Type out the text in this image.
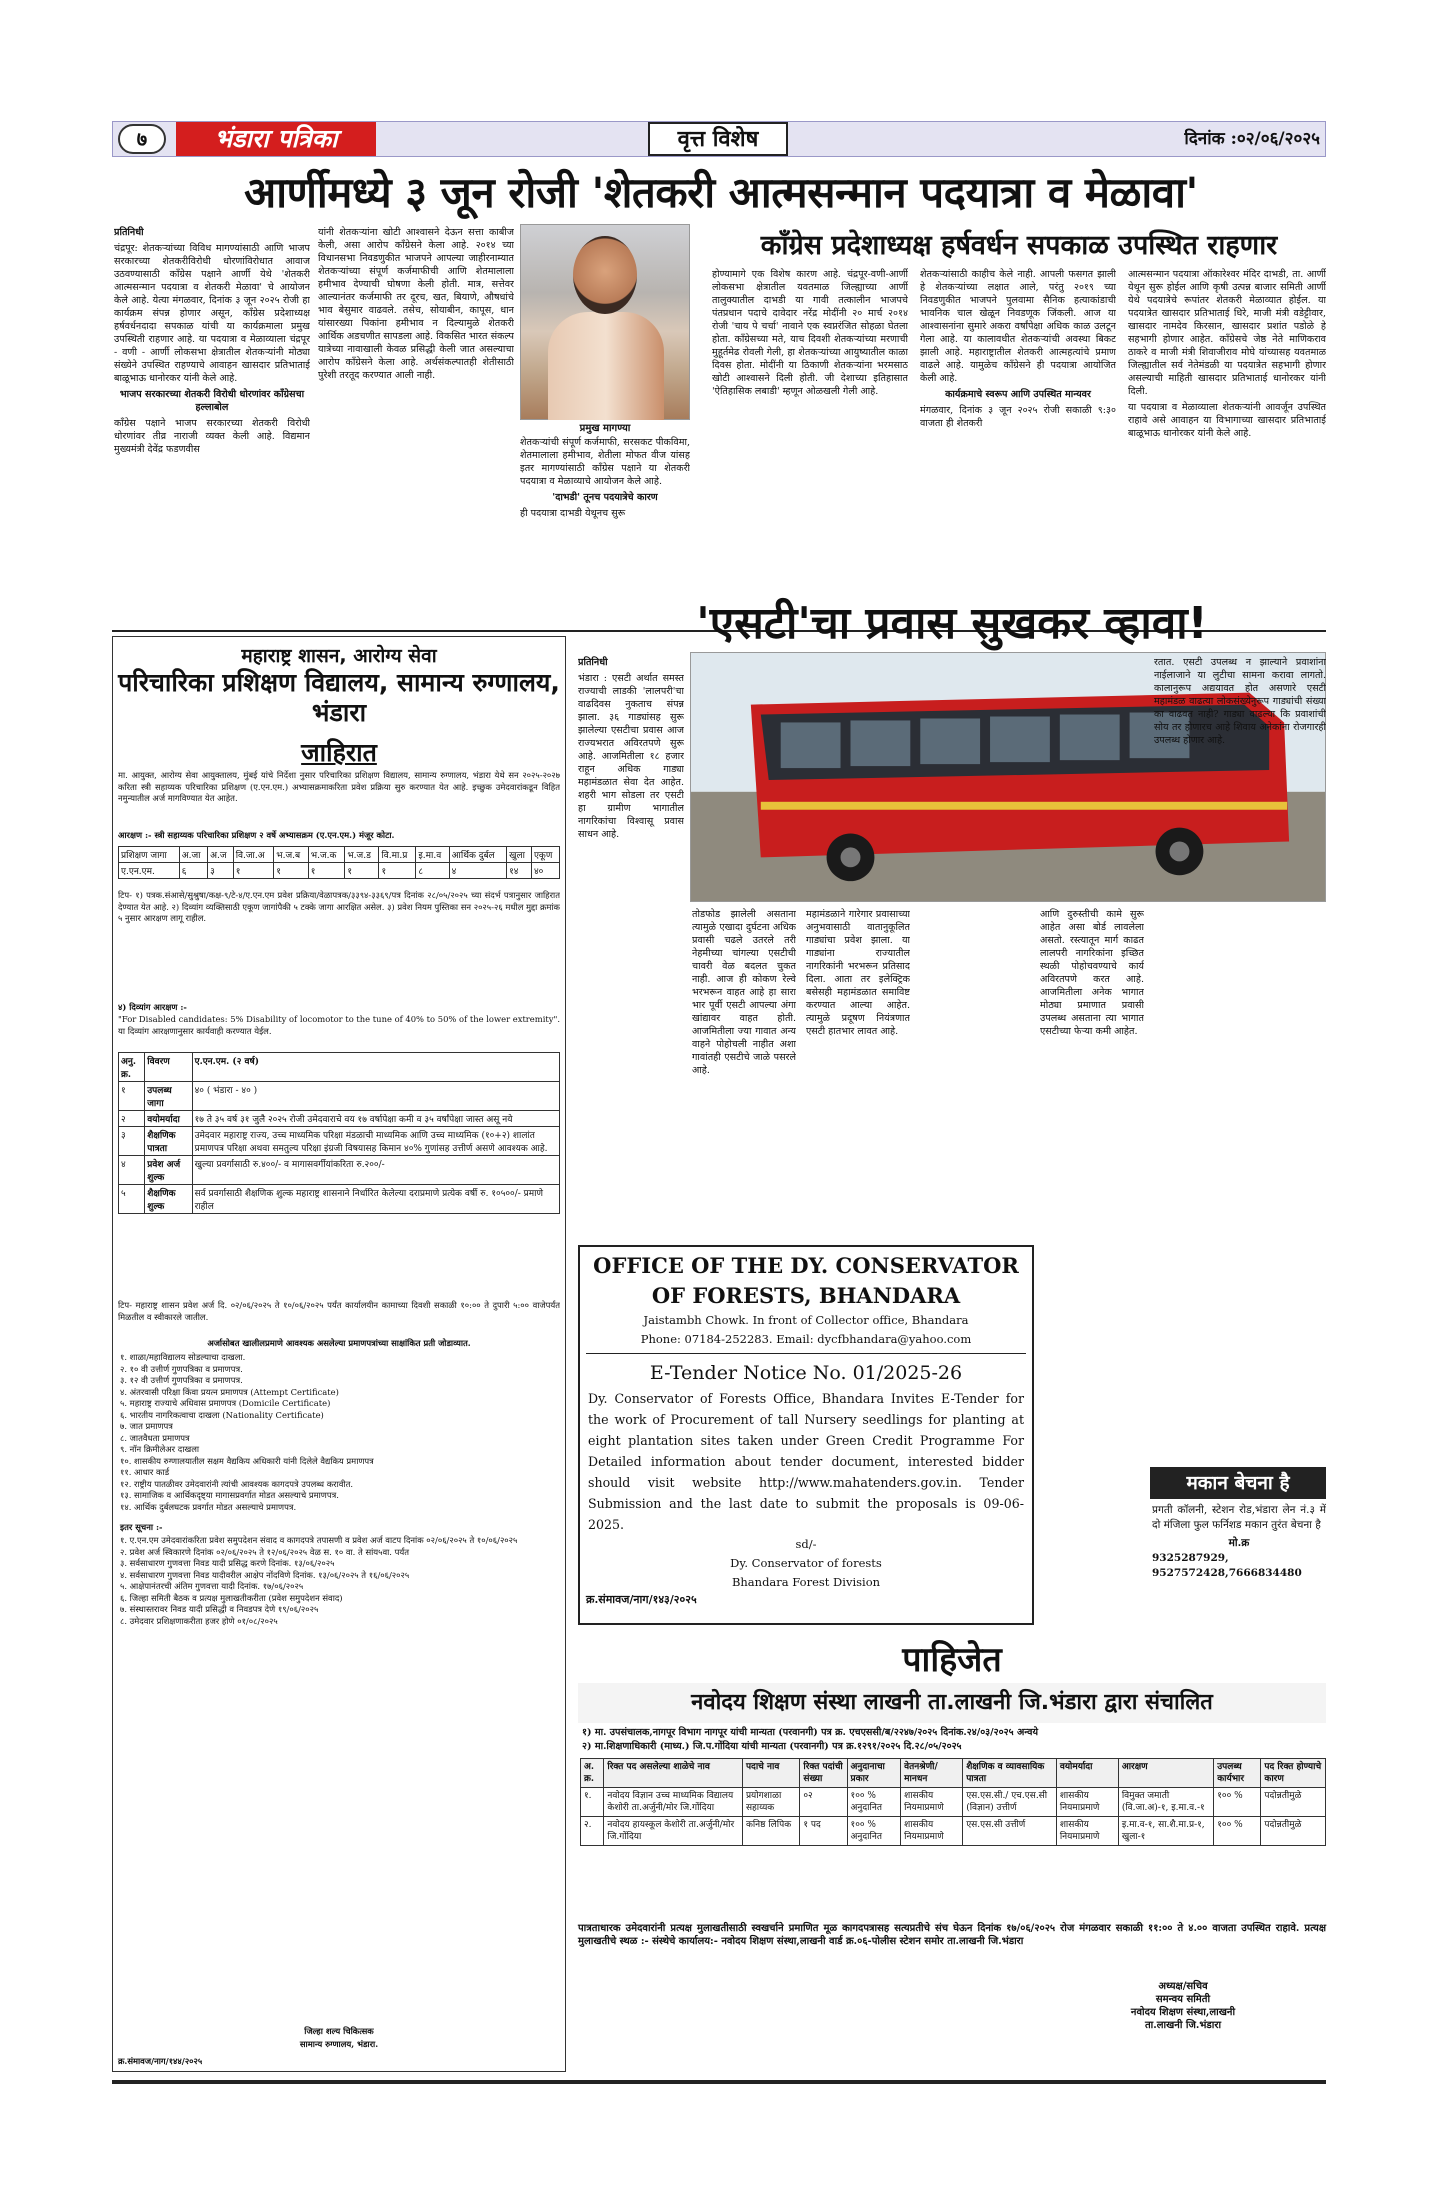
७	भंडारा पत्रिका	वृत्त विशेष	दिनांक :०२/०६/२०२५
आर्णीमध्ये ३ जून रोजी 'शेतकरी आत्मसन्मान पदयात्रा व मेळावा'

प्रतिनिधी

चंद्रपूर: शेतकऱ्यांच्या विविध मागण्यांसाठी आणि भाजप सरकारच्या शेतकरीविरोधी धोरणांविरोधात आवाज उठवण्यासाठी काँग्रेस पक्षाने आर्णी येथे 'शेतकरी आत्मसन्मान पदयात्रा व शेतकरी मेळावा' चे आयोजन केले आहे. येत्या मंगळवार, दिनांक ३ जून २०२५ रोजी हा कार्यक्रम संपन्न होणार असून, काँग्रेस प्रदेशाध्यक्ष हर्षवर्धनदादा सपकाळ यांची या कार्यक्रमाला प्रमुख उपस्थिती राहणार आहे. या पदयात्रा व मेळाव्याला चंद्रपूर - वणी - आर्णी लोकसभा क्षेत्रातील शेतकऱ्यांनी मोठ्या संख्येने उपस्थित राहण्याचे आवाहन खासदार प्रतिभाताई बाळूभाऊ धानोरकर यांनी केले आहे.

भाजप सरकारच्या शेतकरी विरोधी धोरणांवर काँग्रेसचा हल्लाबोल

काँग्रेस पक्षाने भाजप सरकारच्या शेतकरी विरोधी धोरणांवर तीव्र नाराजी व्यक्त केली आहे. विद्यमान मुख्यमंत्री देवेंद्र फडणवीस

यांनी शेतकऱ्यांना खोटी आश्वासने देऊन सत्ता काबीज केली, असा आरोप काँग्रेसने केला आहे. २०१४ च्या विधानसभा निवडणुकीत भाजपने आपल्या जाहीरनाम्यात शेतकऱ्यांच्या संपूर्ण कर्जमाफीची आणि शेतमालाला हमीभाव देण्याची घोषणा केली होती. मात्र, सत्तेवर आल्यानंतर कर्जमाफी तर दूरच, खत, बियाणे, औषधांचे भाव बेसुमार वाढवले. तसेच, सोयाबीन, कापूस, धान यांसारख्या पिकांना हमीभाव न दिल्यामुळे शेतकरी आर्थिक अडचणीत सापडला आहे. विकसित भारत संकल्प यात्रेच्या नावाखाली केवळ प्रसिद्धी केली जात असल्याचा आरोप काँग्रेसने केला आहे. अर्थसंकल्पातही शेतीसाठी पुरेशी तरतूद करण्यात आली नाही.

प्रमुख मागण्या

शेतकऱ्यांची संपूर्ण कर्जमाफी, सरसकट पीकविमा, शेतमालाला हमीभाव, शेतीला मोफत वीज यांसह इतर मागण्यांसाठी काँग्रेस पक्षाने या शेतकरी पदयात्रा व मेळाव्याचे आयोजन केले आहे.

'दाभडी' तूनच पदयात्रेचे कारण

ही पदयात्रा दाभडी येथूनच सुरू

काँग्रेस प्रदेशाध्यक्ष हर्षवर्धन सपकाळ उपस्थित राहणार

होण्यामागे एक विशेष कारण आहे. चंद्रपूर-वणी-आर्णी लोकसभा क्षेत्रातील यवतमाळ जिल्ह्याच्या आर्णी तालुक्यातील दाभडी या गावी तत्कालीन भाजपचे पंतप्रधान पदाचे दावेदार नरेंद्र मोदींनी २० मार्च २०१४ रोजी 'चाय पे चर्चा' नावाने एक स्वप्नरंजित सोहळा घेतला होता. काँग्रेसच्या मते, याच दिवशी शेतकऱ्यांच्या मरणाची मुहूर्तमेढ रोवली गेली, हा शेतकऱ्यांच्या आयुष्यातील काळा दिवस होता. मोदींनी या ठिकाणी शेतकऱ्यांना भरमसाठ खोटी आश्वासने दिली होती. जी देशाच्या इतिहासात 'ऐतिहासिक लबाडी' म्हणून ओळखली गेली आहे.

शेतकऱ्यांसाठी काहीच केले नाही. आपली फसगत झाली हे शेतकऱ्यांच्या लक्षात आले, परंतु २०१९ च्या निवडणुकीत भाजपने पुलवामा सैनिक हत्याकांडाची भावनिक चाल खेळून निवडणूक जिंकली. आज या आश्वासनांना सुमारे अकरा वर्षांपेक्षा अधिक काळ उलटून गेला आहे. या कालावधीत शेतकऱ्यांची अवस्था बिकट झाली आहे. महाराष्ट्रातील शेतकरी आत्महत्यांचे प्रमाण वाढले आहे. यामुळेच काँग्रेसने ही पदयात्रा आयोजित केली आहे.

कार्यक्रमाचे स्वरूप आणि उपस्थित मान्यवर

मंगळवार, दिनांक ३ जून २०२५ रोजी सकाळी ९:३० वाजता ही शेतकरी

आत्मसन्मान पदयात्रा ऑकारेश्वर मंदिर दाभडी, ता. आर्णी येथून सुरू होईल आणि कृषी उत्पन्न बाजार समिती आर्णी येथे पदयात्रेचे रूपांतर शेतकरी मेळाव्यात होईल. या पदयात्रेत खासदार प्रतिभाताई धिरे, माजी मंत्री वडेट्टीवार, खासदार नामदेव किरसान, खासदार प्रशांत पडोळे हे सहभागी होणार आहेत. काँग्रेसचे जेष्ठ नेते माणिकराव ठाकरे व माजी मंत्री शिवाजीराव मोघे यांच्यासह यवतमाळ जिल्ह्यातील सर्व नेतेमंडळी या पदयात्रेत सहभागी होणार असल्याची माहिती खासदार प्रतिभाताई धानोरकर यांनी दिली.

या पदयात्रा व मेळाव्याला शेतकऱ्यांनी आवर्जून उपस्थित राहावे असे आवाहन या विभागाच्या खासदार प्रतिभाताई बाळूभाऊ धानोरकर यांनी केले आहे.

महाराष्ट्र शासन, आरोग्य सेवा
परिचारिका प्रशिक्षण विद्यालय, सामान्य रुग्णालय, भंडारा
जाहिरात
मा. आयुक्त, आरोग्य सेवा आयुक्तालय, मुंबई यांचे निर्देशा नुसार परिचारिका प्रशिक्षण विद्यालय, सामान्य रुग्णालय, भंडारा येथे सन २०२५-२०२७ करिता स्त्री सहाय्यक परिचारिका प्रशिक्षण (ए.एन.एम.) अभ्यासक्रमाकरिता प्रवेश प्रक्रिया सुरु करण्यात येत आहे. इच्छुक उमेदवारांकडून विहित नमुन्यातील अर्ज मागविण्यात येत आहेत.
आरक्षण :- स्त्री सहाय्यक परिचारिका प्रशिक्षण २ वर्षे अभ्यासक्रम (ए.एन.एम.) मंजूर कोटा.
प्रशिक्षण जागा	अ.जा	अ.ज	वि.जा.अ	भ.ज.ब	भ.ज.क	भ.ज.ड	वि.मा.प्र	इ.मा.व	आर्थिक दुर्बल	खुला	एकूण
ए.एन.एम.	६	३	१	१	१	१	१	८	४	१४	४०
टिप- १) पत्रक.संआसे/सुश्रुषा/कक्ष-९/टे-४/ए.एन.एम प्रवेश प्रक्रिया/वेळापत्रक/३३९४-३३६९/पत्र दिनांक २८/०५/२०२५ च्या संदर्भ पत्रानुसार जाहिरात देण्यात येत आहे. २) दिव्यांग व्यक्तिसाठी एकूण जागांपैकी ५ टक्के जागा आरक्षित असेल. ३) प्रवेश नियम पुस्तिका सन २०२५-२६ मधील मुद्दा क्रमांक ५ नुसार आरक्षण लागू राहील.
४) दिव्यांग आरक्षण :-
"For Disabled candidates: 5% Disability of locomotor to the tune of 40% to 50% of the lower extremity". या दिव्यांग आरक्षणानुसार कार्यवाही करण्यात येईल.
अनु. क्र.	विवरण	ए.एन.एम. (२ वर्ष)
१	उपलब्ध जागा	४० ( भंडारा - ४० )
२	वयोमर्यादा	१७ ते ३५ वर्ष ३१ जुलै २०२५ रोजी उमेदवाराचे वय १७ वर्षापेक्षा कमी व ३५ वर्षांपेक्षा जास्त असू नये
३	शैक्षणिक पात्रता	उमेदवार महाराष्ट्र राज्य, उच्च माध्यमिक परिक्षा मंडळाची माध्यमिक आणि उच्च माध्यमिक (१०+२) शालांत प्रमाणपत्र परिक्षा अथवा समतुल्य परिक्षा इंग्रजी विषयासह किमान ४०% गुणांसह उत्तीर्ण असणे आवश्यक आहे.
४	प्रवेश अर्ज शुल्क	खुल्या प्रवर्गासाठी रु.४००/- व मागासवर्गीयांकरिता रु.२००/-
५	शैक्षणिक शुल्क	सर्व प्रवर्गासाठी शैक्षणिक शुल्क महाराष्ट्र शासनाने निर्धारित केलेल्या दराप्रमाणे प्रत्येक वर्षी रु. १०५००/- प्रमाणे राहील
टिप- महाराष्ट्र शासन प्रवेश अर्ज दि. ०२/०६/२०२५ ते १०/०६/२०२५ पर्यंत कार्यालयीन कामाच्या दिवशी सकाळी १०:०० ते दुपारी ५:०० वाजेपर्यंत मिळतील व स्वीकारले जातील.
अर्जासोबत खालीलप्रमाणे आवश्यक असलेल्या प्रमाणपत्रांच्या साक्षांकित प्रती जोडाव्यात.
१. शाळा/महाविद्यालय सोडल्याचा दाखला.
२. १० वी उत्तीर्ण गुणपत्रिका व प्रमाणपत्र.
३. १२ वी उत्तीर्ण गुणपत्रिका व प्रमाणपत्र.
४. अंतरवासी परिक्षा किंवा प्रयत्न प्रमाणपत्र (Attempt Certificate)
५. महाराष्ट्र राज्याचे अधिवास प्रमाणपत्र (Domicile Certificate)
६. भारतीय नागरिकत्वाचा दाखला (Nationality Certificate)
७. जात प्रमाणपत्र
८. जातवैधता प्रमाणपत्र
९. नॉन क्रिमीलेअर दाखला
१०. शासकीय रुग्णालयातील सक्षम वैद्यकिय अधिकारी यांनी दिलेले वैद्यकिय प्रमाणपत्र
११. आधार कार्ड
१२. राष्ट्रीय पातळीवर उमेदवारांनी त्यांची आवश्यक कागदपत्रे उपलब्ध करावीत.
१३. सामाजिक व आर्थिकदृष्ट्या मागासप्रवर्गात मोडत असल्याचे प्रमाणपत्र.
१४. आर्थिक दुर्बलघटक प्रवर्गात मोडत असल्याचे प्रमाणपत्र.
इतर सूचना :-
१. ए.एन.एम उमेदवारांकरिता प्रवेश समुपदेशन संवाद व कागदपत्रे तपासणी व प्रवेश अर्ज वाटप दिनांक ०२/०६/२०२५ ते १०/०६/२०२५
२. प्रवेश अर्ज स्विकारणे दिनांक ०२/०६/२०२५ ते १२/०६/२०२५ वेळ स. १० वा. ते सांय५वा. पर्यंत
३. सर्वसाधारण गुणवत्ता निवड यादी प्रसिद्ध करणे दिनांक. १३/०६/२०२५
४. सर्वसाधारण गुणवत्ता निवड यादीवरील आक्षेप नोंदविणे दिनांक. १३/०६/२०२५ ते १६/०६/२०२५
५. आक्षेपानंतरची अंतिम गुणवत्ता यादी दिनांक. १७/०६/२०२५
६. जिल्हा समिती बैठक व प्रत्यक्ष मुलाखतीकरीता (प्रवेश समुपदेशन संवाद)
७. संस्थास्तरावर निवड यादी प्रसिद्धी व निवडपत्र देणे १९/०६/२०२५
८. उमेदवार प्रशिक्षणाकरीता हजर होणे ०१/०८/२०२५
जिल्हा शल्य चिकित्सक
सामान्य रुग्णालय, भंडारा.
क्र.संमावज/नाग/१४४/२०२५
'एसटी'चा प्रवास सुखकर व्हावा!

प्रतिनिधी

भंडारा : एसटी अर्थात समस्त राज्याची लाडकी 'लालपरी'चा वाढदिवस नुकताच संपन्न झाला. ३६ गाड्यांसह सुरू झालेल्या एसटीचा प्रवास आज राज्यभरात अविरतपणे सुरू आहे. आजमितीला १८ हजार राहून अधिक गाड्या महामंडळात सेवा देत आहेत. शहरी भाग सोडला तर एसटी हा ग्रामीण भागातील नागरिकांचा विश्वासू प्रवास साधन आहे.

तोडफोड झालेली असताना त्यामुळे एखादा दुर्घटना अधिक प्रवासी चढले उतरले तरी नेहमीच्या चांगल्या एसटीची चावरी वेळ बदलत चुकत नाही. आज ही कोकण रेल्वे भरभरून वाहत आहे हा सारा भार पूर्वी एसटी आपल्या अंगा खांद्यावर वाहत होती. आजमितीला ज्या गावात अन्य वाहने पोहोचली नाहीत अशा गावांतही एसटीचे जाळे पसरले आहे.

महामंडळाने गारेगार प्रवासाच्या अनुभवासाठी वातानुकूलित गाड्यांचा प्रवेश झाला. या गाड्यांना राज्यातील नागरिकांनी भरभरून प्रतिसाद दिला. आता तर इलेक्ट्रिक बसेसही महामंडळात समाविष्ट करण्यात आल्या आहेत. त्यामुळे प्रदूषण नियंत्रणात एसटी हातभार लावत आहे.

आणि दुरुस्तीची कामे सुरू आहेत असा बोर्ड लावलेला असतो. रस्त्यातून मार्ग काढत लालपरी नागरिकांना इच्छित स्थळी पोहोचवण्याचे कार्य अविरतपणे करत आहे. आजमितीला अनेक भागात मोठ्या प्रमाणात प्रवासी उपलब्ध असताना त्या भागात एसटीच्या फेऱ्या कमी आहेत.

रतात. एसटी उपलब्ध न झाल्याने प्रवाशांना नाईलाजाने या लुटीचा सामना करावा लागतो. कालानुरूप अद्ययावत होत असणारे एसटी महामंडळ वाढत्या लोकसंख्येनुरूप गाड्यांची संख्या का वाढवत नाही? गाड्या वाढल्या कि प्रवाशांची सोय तर होणारच आहे शिवाय अनेकांना रोजगारही उपलब्ध होणार आहे.

OFFICE OF THE DY. CONSERVATOR OF FORESTS, BHANDARA
Jaistambh Chowk. In front of Collector office, Bhandara
Phone: 07184-252283. Email: dycfbhandara@yahoo.com
E-Tender Notice No. 01/2025-26
Dy. Conservator of Forests Office, Bhandara Invites E-Tender for the work of Procurement of tall Nursery seedlings for planting at eight plantation sites taken under Green Credit Programme For Detailed information about tender document, interested bidder should visit website http://www.mahatenders.gov.in. Tender Submission and the last date to submit the proposals is 09-06- 2025.
sd/-
Dy. Conservator of forests
Bhandara Forest Division
क्र.संमावज/नाग/१४३/२०२५
मकान बेचना है

प्रगती कॉलनी, स्टेशन रोड,भंडारा लेन नं.३ में दो मंजिला फुल फर्निशड मकान तुरंत बेचना है

मो.क्र

9325287929, 9527572428,7666834480

पाहिजेत
नवोदय शिक्षण संस्था लाखनी ता.लाखनी जि.भंडारा द्वारा संचालित
१) मा. उपसंचालक,नागपूर विभाग नागपूर यांची मान्यता (परवानगी) पत्र क्र. एचएससी/ब/२२४७/२०२५ दिनांक.२४/०३/२०२५ अन्वये
२) मा.शिक्षणाधिकारी (माध्य.) जि.प.गोंदिया यांची मान्यता (परवानगी) पत्र क्र.१२९१/२०२५ दि.२८/०५/२०२५
अ. क्र.	रिक्त पद असलेल्या शाळेचे नाव	पदाचे नाव	रिक्त पदांची संख्या	अनुदानाचा प्रकार	वेतनश्रेणी/ मानधन	शैक्षणिक व व्यावसायिक पात्रता	वयोमर्यादा	आरक्षण	उपलब्ध कार्यभार	पद रिक्त होण्याचे कारण
१.	नवोदय विज्ञान उच्च माध्यमिक विद्यालय केशोरी ता.अर्जुनी/मोर जि.गोंदिया	प्रयोगशाळा सहाय्यक	०२	१०० % अनुदानित	शासकीय नियमाप्रमाणे	एस.एस.सी./ एच.एस.सी (विज्ञान) उत्तीर्ण	शासकीय नियमाप्रमाणे	विमुक्त जमाती (वि.जा.अ)-१, इ.मा.व.-१	१०० %	पदोन्नतीमुळे
२.	नवोदय हायस्कूल केशोरी ता.अर्जुनी/मोर जि.गोंदिया	कनिष्ठ लिपिक	१ पद	१०० % अनुदानित	शासकीय नियमाप्रमाणे	एस.एस.सी उत्तीर्ण	शासकीय नियमाप्रमाणे	इ.मा.व-१, सा.शै.मा.प्र-१, खुला-१	१०० %	पदोन्नतीमुळे
पात्रताधारक उमेदवारांनी प्रत्यक्ष मुलाखतीसाठी स्वखर्चाने प्रमाणित मूळ कागदपत्रासह सत्यप्रतीचे संच घेऊन दिनांक १७/०६/२०२५ रोज मंगळवार सकाळी ११:०० ते ४.०० वाजता उपस्थित राहावे. प्रत्यक्ष मुलाखतीचे स्थळ :- संस्थेचे कार्यालय:- नवोदय शिक्षण संस्था,लाखनी वार्ड क्र.०६-पोलीस स्टेशन समोर ता.लाखनी जि.भंडारा
अध्यक्ष/सचिव
समन्वय समिती
नवोदय शिक्षण संस्था,लाखनी
ता.लाखनी जि.भंडारा
